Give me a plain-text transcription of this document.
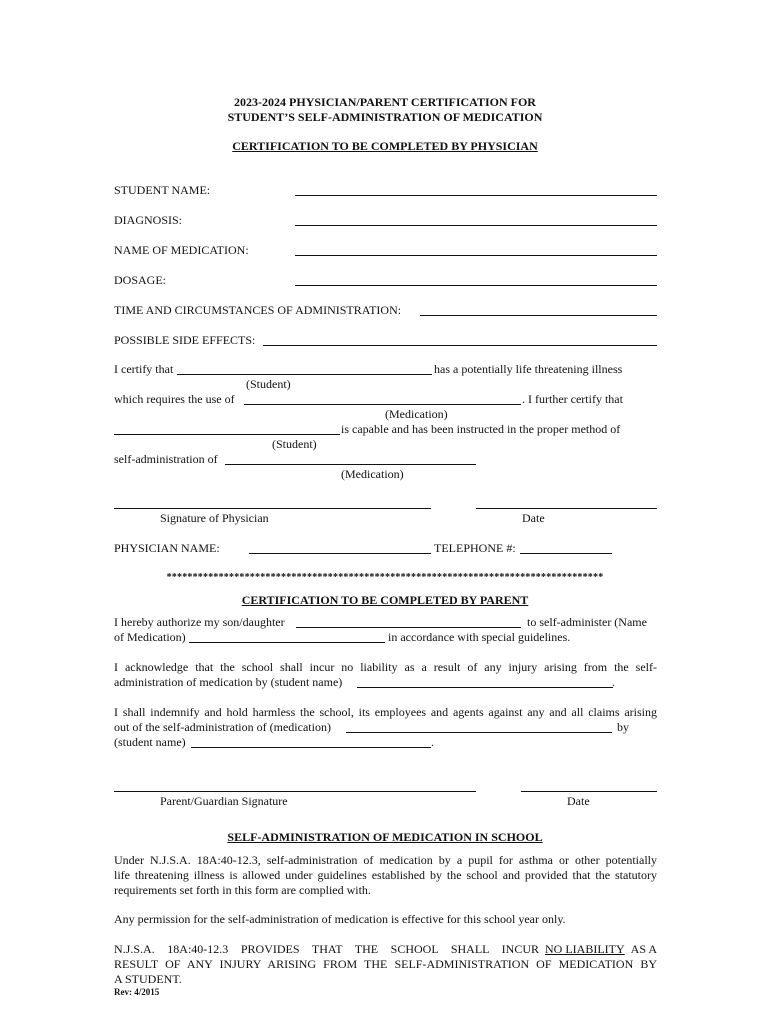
2023-2024 PHYSICIAN/PARENT CERTIFICATION FOR
STUDENT’S SELF-ADMINISTRATION OF MEDICATION
CERTIFICATION TO BE COMPLETED BY PHYSICIAN
STUDENT NAME:
DIAGNOSIS:
NAME OF MEDICATION:
DOSAGE:
TIME AND CIRCUMSTANCES OF ADMINISTRATION:
POSSIBLE SIDE EFFECTS:
I certify that	has a potentially life threatening illness
(Student)
which requires the use of	. I further certify that
(Medication)
is capable and has been instructed in the proper method of
(Student)
self-administration of
(Medication)
Signature of Physician	Date
PHYSICIAN NAME:	TELEPHONE #:
************************************************************************************
CERTIFICATION TO BE COMPLETED BY PARENT
I hereby authorize my son/daughter	to self-administer (Name
of Medication)	in accordance with special guidelines.
I acknowledge that the school shall incur no liability as a result of any injury arising from the self-
administration of medication by (student name)	.
I shall indemnify and hold harmless the school, its employees and agents against any and all claims arising
out of the self-administration of (medication)	by
(student name)	.
Parent/Guardian Signature	Date
SELF-ADMINISTRATION OF MEDICATION IN SCHOOL
Under N.J.S.A. 18A:40-12.3, self-administration of medication by a pupil for asthma or other potentially
life threatening illness is allowed under guidelines established by the school and provided that the statutory
requirements set forth in this form are complied with.
Any permission for the self-administration of medication is effective for this school year only.
N.J.S.A. 18A:40-12.3 PROVIDES THAT THE SCHOOL SHALL INCUR NO LIABILITY AS A
RESULT OF ANY INJURY ARISING FROM THE SELF-ADMINISTRATION OF MEDICATION BY
A STUDENT.
Rev: 4/2015
